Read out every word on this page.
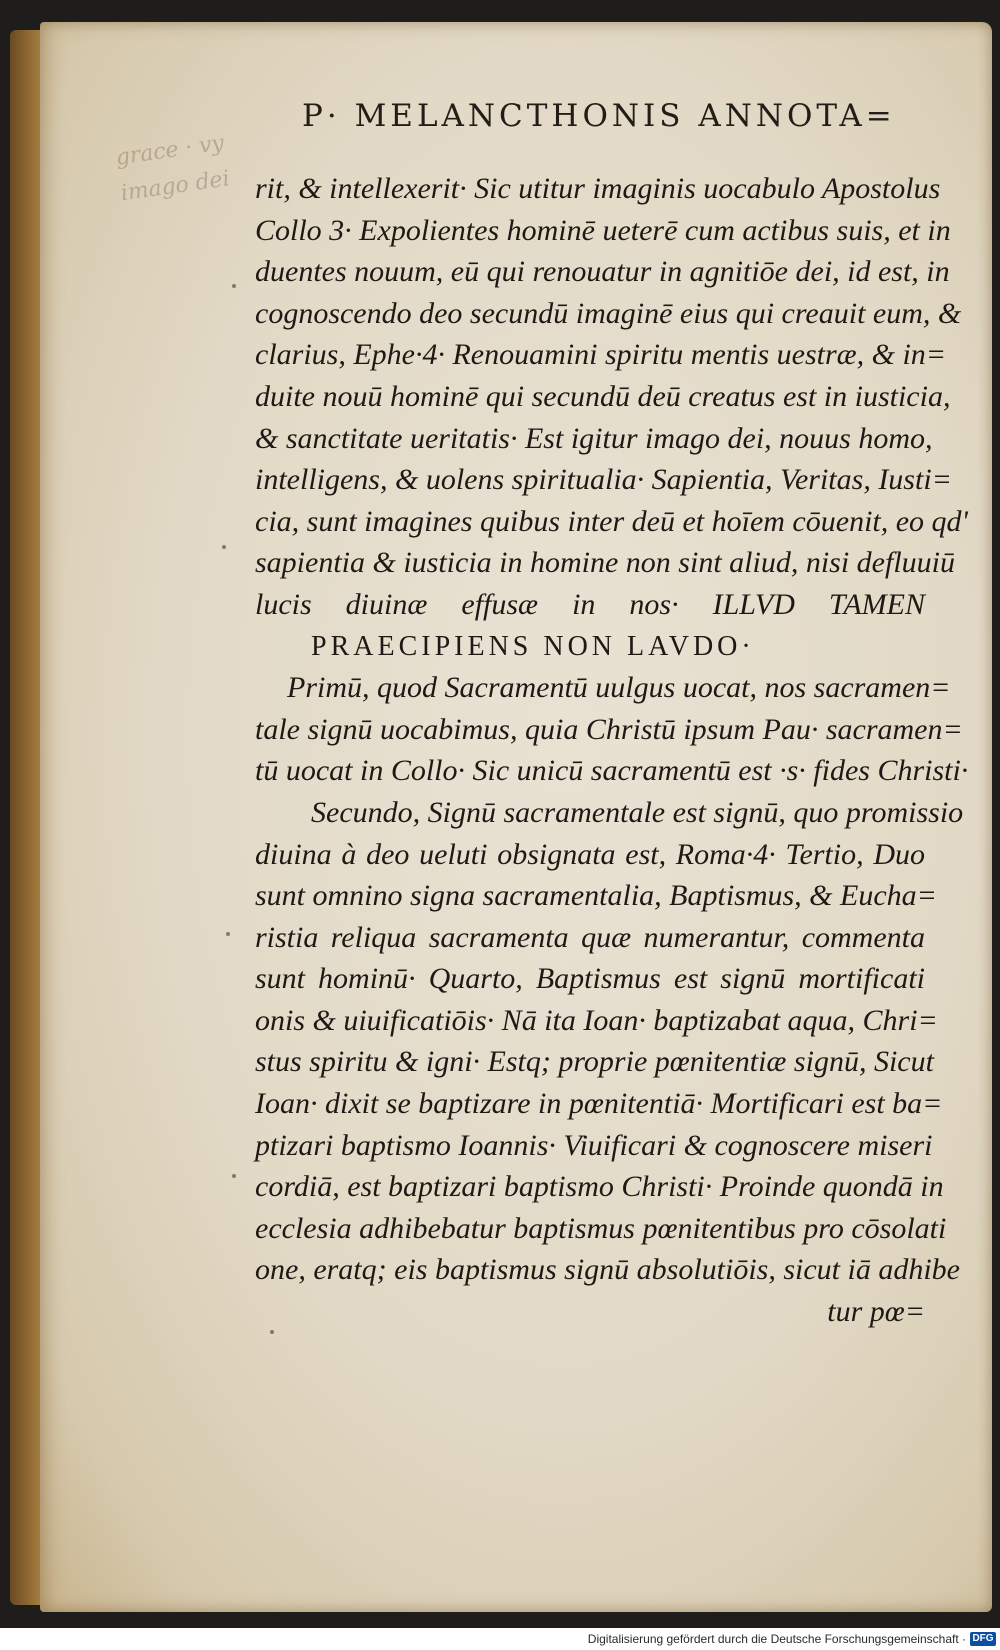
grace · vy
imago dei
P· MELANCTHONIS ANNOTA=
rit, & intellexerit· Sic utitur imaginis uocabulo Apostolus
Collo 3· Expolientes hominē ueterē cum actibus suis, et in
duentes nouum, eū qui renouatur in agnitiōe dei, id est, in
cognoscendo deo secundū imaginē eius qui creauit eum, &
clarius, Ephe·4· Renouamini spiritu mentis uestræ, & in=
duite nouū hominē qui secundū deū creatus est in iusticia,
& sanctitate ueritatis· Est igitur imago dei, nouus homo,
intelligens, & uolens spiritualia· Sapientia, Veritas, Iusti=
cia, sunt imagines quibus inter deū et hoīem cōuenit, eo qd'
sapientia & iusticia in homine non sint aliud, nisi defluuiū
lucis diuinæ effusæ in nos· ILLVD TAMEN
PRAECIPIENS NON LAVDO·
Primū, quod Sacramentū uulgus uocat, nos sacramen=
tale signū uocabimus, quia Christū ipsum Pau· sacramen=
tū uocat in Collo· Sic unicū sacramentū est ·s· fides Christi·
Secundo, Signū sacramentale est signū, quo promissio
diuina à deo ueluti obsignata est, Roma·4· Tertio, Duo
sunt omnino signa sacramentalia, Baptismus, & Eucha=
ristia reliqua sacramenta quæ numerantur, commenta
sunt hominū· Quarto, Baptismus est signū mortificati
onis & uiuificatiōis· Nā ita Ioan· baptizabat aqua, Chri=
stus spiritu & igni· Estq; proprie pœnitentiæ signū, Sicut
Ioan· dixit se baptizare in pœnitentiā· Mortificari est ba=
ptizari baptismo Ioannis· Viuificari & cognoscere miseri
cordiā, est baptizari baptismo Christi· Proinde quondā in
ecclesia adhibebatur baptismus pœnitentibus pro cōsolati
one, eratq; eis baptismus signū absolutiōis, sicut iā adhibe
tur pœ=
Digitalisierung gefördert durch die Deutsche Forschungsgemeinschaft · DFG
